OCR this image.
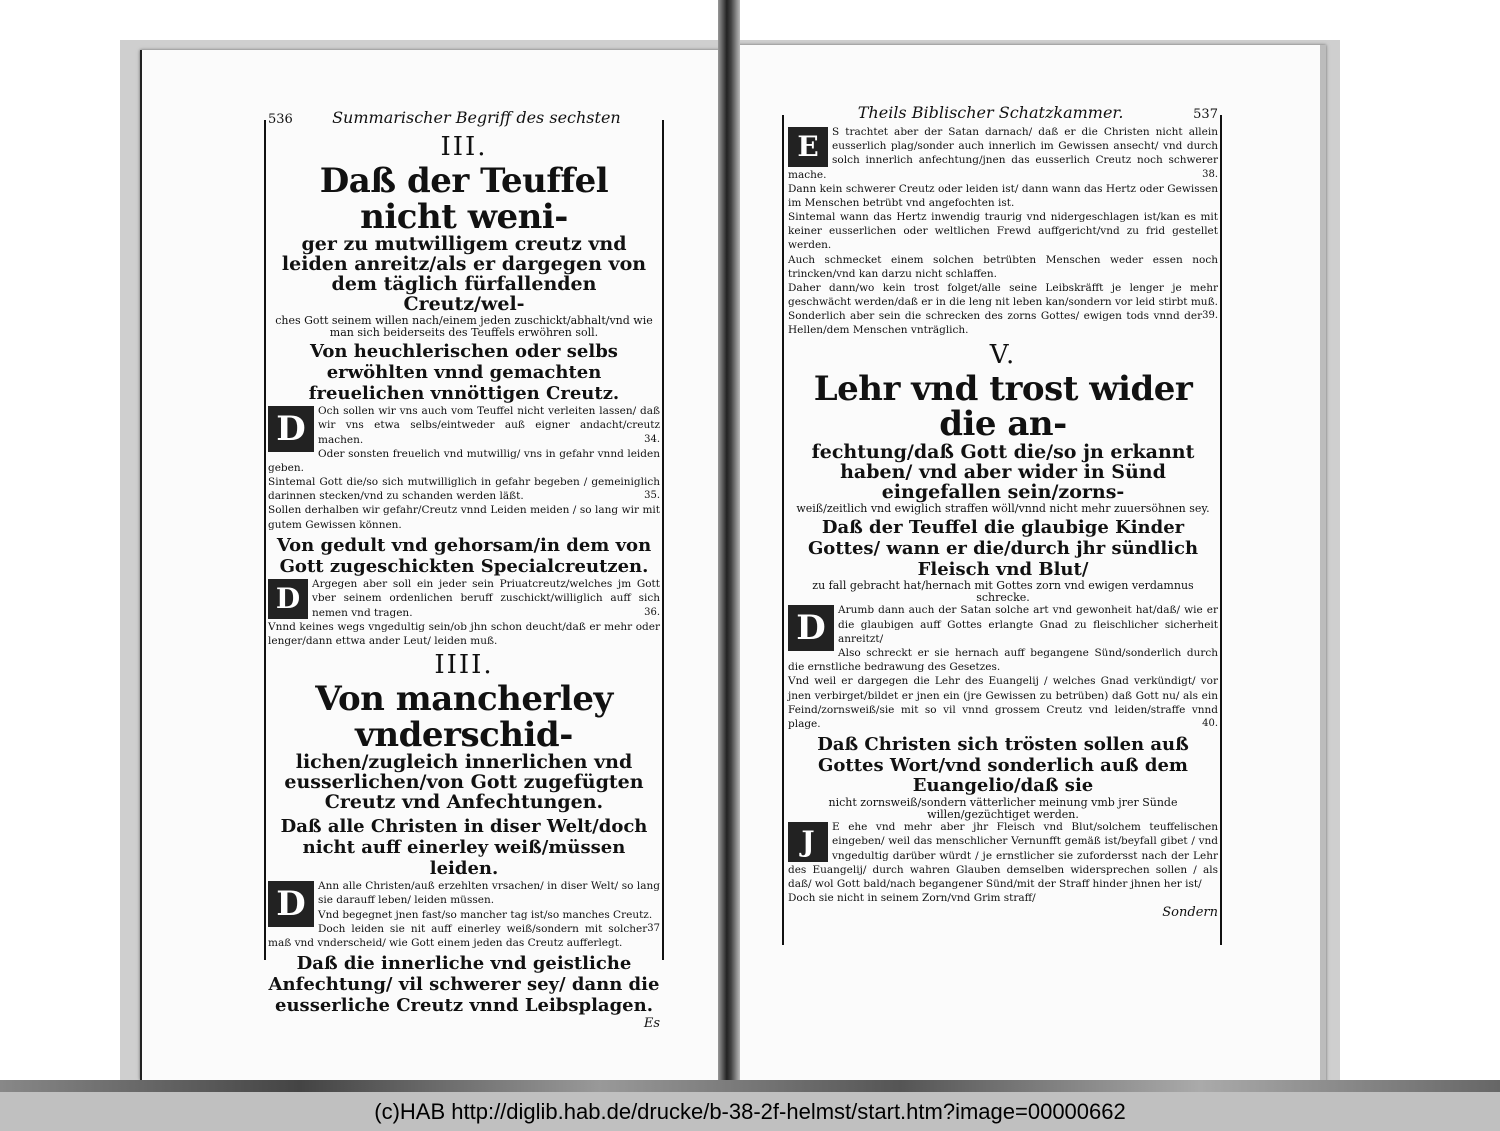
536 Summarischer Begriff des sechsten
III.
Daß der Teuffel nicht weni-
ger zu mutwilligem creutz vnd leiden anreitz/als er dargegen von dem täglich fürfallenden Creutz/wel-
ches Gott seinem willen nach/einem jeden zuschickt/abhalt/vnd wie man sich beiderseits des Teuffels erwöhren soll.
Von heuchlerischen oder selbs erwöhlten vnnd gemachten freuelichen vnnöttigen Creutz.
D	Och sollen wir vns auch vom Teuffel nicht verleiten lassen/ daß wir vns etwa selbs/eintweder auß eigner andacht/creutz machen.	34.

Oder sonsten freuelich vnd mutwillig/ vns in gefahr vnnd leiden geben.

Sintemal Gott die/so sich mutwilliglich in gefahr begeben / gemeiniglich darinnen stecken/vnd zu schanden werden läßt.	35.

Sollen derhalben wir gefahr/Creutz vnnd Leiden meiden / so lang wir mit gutem Gewissen können.

Von gedult vnd gehorsam/in dem von Gott zugeschickten Specialcreutzen.
D	Argegen aber soll ein jeder sein Priuatcreutz/welches jm Gott vber seinem ordenlichen beruff zuschickt/williglich auff sich nemen vnd tragen.	36.

Vnnd keines wegs vngedultig sein/ob jhn schon deucht/daß er mehr oder lenger/dann ettwa ander Leut/ leiden muß.

IIII.
Von mancherley vnderschid-
lichen/zugleich innerlichen vnd eusserlichen/von Gott zugefügten Creutz vnd Anfechtungen.
Daß alle Christen in diser Welt/doch nicht auff einerley weiß/müssen leiden.
D	Ann alle Christen/auß erzehlten vrsachen/ in diser Welt/ so lang sie darauff leben/ leiden müssen.

Vnd begegnet jnen fast/so mancher tag ist/so manches Creutz.
37

Doch leiden sie nit auff einerley weiß/sondern mit solcher maß vnd vnderscheid/ wie Gott einem jeden das Creutz aufferlegt.

Daß die innerliche vnd geistliche Anfechtung/ vil schwerer sey/ dann die eusserliche Creutz vnnd Leibsplagen.
Es
Theils Biblischer Schatzkammer.	537
E	S trachtet aber der Satan darnach/ daß er die Christen nicht allein eusserlich plag/sonder auch innerlich im Gewissen ansecht/ vnd durch solch innerlich anfechtung/jnen das eusserlich Creutz noch schwerer mache.	38.

Dann kein schwerer Creutz oder leiden ist/ dann wann das Hertz oder Gewissen im Menschen betrübt vnd angefochten ist.

Sintemal wann das Hertz inwendig traurig vnd nidergeschlagen ist/kan es mit keiner eusserlichen oder weltlichen Frewd auffgericht/vnd zu frid gestellet werden.

Auch schmecket einem solchen betrübten Menschen weder essen noch trincken/vnd kan darzu nicht schlaffen.

Daher dann/wo kein trost folget/alle seine Leibskräfft je lenger je mehr geschwächt werden/daß er in die leng nit leben kan/sondern vor leid stirbt muß.
39.

Sonderlich aber sein die schrecken des zorns Gottes/ ewigen tods vnnd der Hellen/dem Menschen vnträglich.

V.
Lehr vnd trost wider die an-
fechtung/daß Gott die/so jn erkannt haben/ vnd aber wider in Sünd eingefallen sein/zorns-
weiß/zeitlich vnd ewiglich straffen wöll/vnnd nicht mehr zuuersöhnen sey.
Daß der Teuffel die glaubige Kinder Gottes/ wann er die/durch jhr sündlich Fleisch vnd Blut/
zu fall gebracht hat/hernach mit Gottes zorn vnd ewigen verdamnus schrecke.
D	Arumb dann auch der Satan solche art vnd gewonheit hat/daß/ wie er die glaubigen auff Gottes erlangte Gnad zu fleischlicher sicherheit anreitzt/

Also schreckt er sie hernach auff begangene Sünd/sonderlich durch die ernstliche bedrawung des Gesetzes.

Vnd weil er dargegen die Lehr des Euangelij / welches Gnad verkündigt/ vor jnen verbirget/bildet er jnen ein (jre Gewissen zu betrüben) daß Gott nu/ als ein Feind/zornsweiß/sie mit so vil vnnd grossem Creutz vnd leiden/straffe vnnd plage.	40.

Daß Christen sich trösten sollen auß Gottes Wort/vnd sonderlich auß dem Euangelio/daß sie
nicht zornsweiß/sondern vätterlicher meinung vmb jrer Sünde willen/gezüchtiget werden.
J	E ehe vnd mehr aber jhr Fleisch vnd Blut/solchem teuffelischen eingeben/ weil das menschlicher Vernunfft gemäß ist/beyfall gibet / vnd vngedultig darüber würdt / je ernstlicher sie zufordersst nach der Lehr des Euangelij/ durch wahren Glauben demselben widersprechen sollen / als daß/ wol Gott bald/nach begangener Sünd/mit der Straff hinder jhnen her ist/

Doch sie nicht in seinem Zorn/vnd Grim straff/

Sondern
(c)HAB http://diglib.hab.de/drucke/b-38-2f-helmst/start.htm?image=00000662
